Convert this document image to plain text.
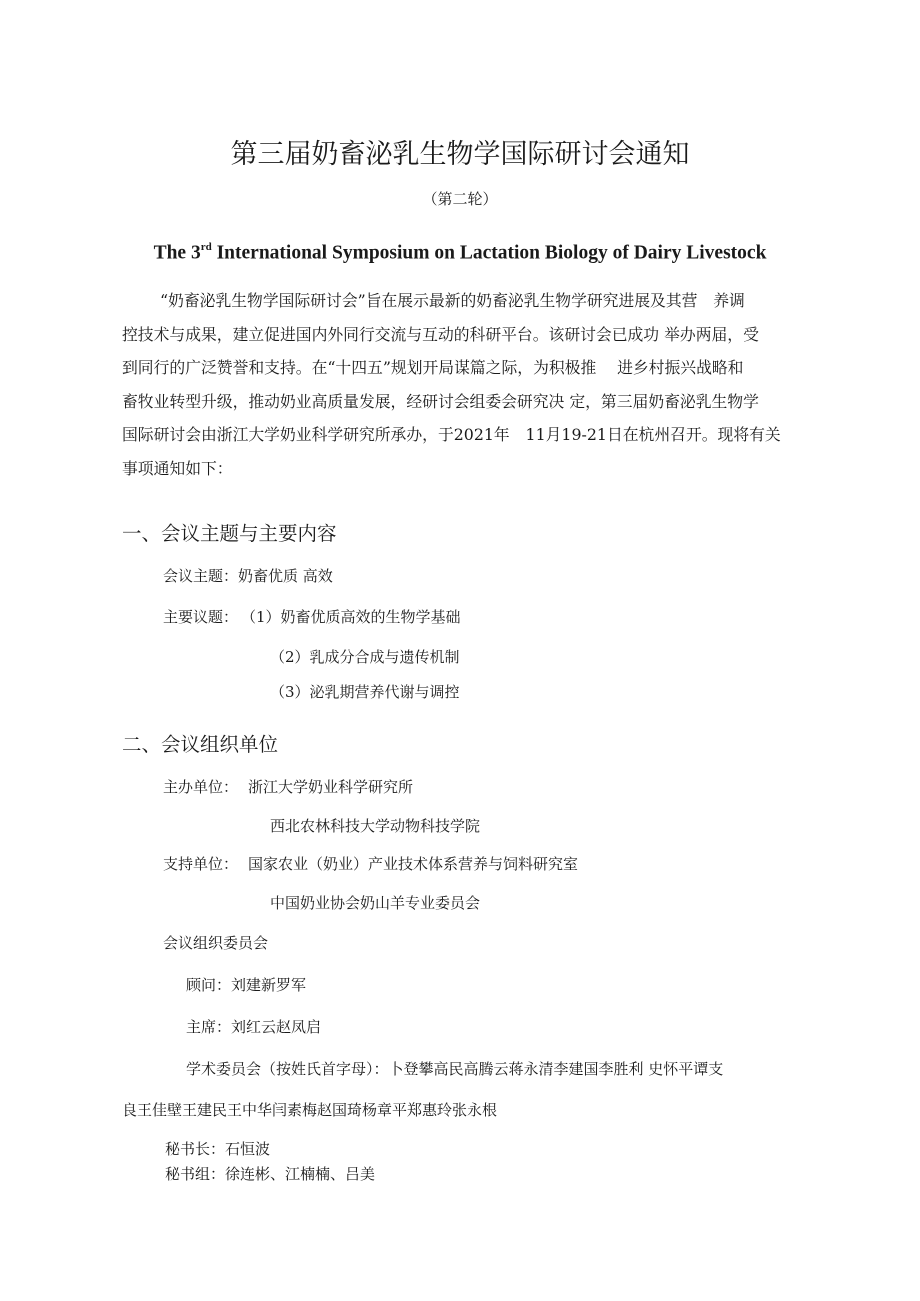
第三届奶畜泌乳生物学国际研讨会通知
（第二轮）
The 3rd International Symposium on Lactation Biology of Dairy Livestock
“奶畜泌乳生物学国际研讨会”旨在展示最新的奶畜泌乳生物学研究进展及其营　养调
控技术与成果，建立促进国内外同行交流与互动的科研平台。该研讨会已成功 举办两届，受
到同行的广泛赞誉和支持。在“十四五”规划开局谋篇之际，为积极推　 进乡村振兴战略和
畜牧业转型升级，推动奶业高质量发展，经研讨会组委会研究决 定，第三届奶畜泌乳生物学
国际研讨会由浙江大学奶业科学研究所承办，于2021年　11月19-21日在杭州召开。现将有关
事项通知如下：
一、会议主题与主要内容
会议主题：奶畜优质 高效
主要议题： （1）奶畜优质高效的生物学基础
（2）乳成分合成与遗传机制
（3）泌乳期营养代谢与调控
二、会议组织单位
主办单位： 浙江大学奶业科学研究所
西北农林科技大学动物科技学院
支持单位： 国家农业（奶业）产业技术体系营养与饲料研究室
中国奶业协会奶山羊专业委员会
会议组织委员会
顾问：刘建新罗军
主席：刘红云赵凤启
学术委员会（按姓氏首字母）：卜登攀高民高腾云蒋永清李建国李胜利 史怀平谭支
良王佳壁王建民王中华闫素梅赵国琦杨章平郑惠玲张永根
秘书长：石恒波
秘书组：徐连彬、江楠楠、吕美
